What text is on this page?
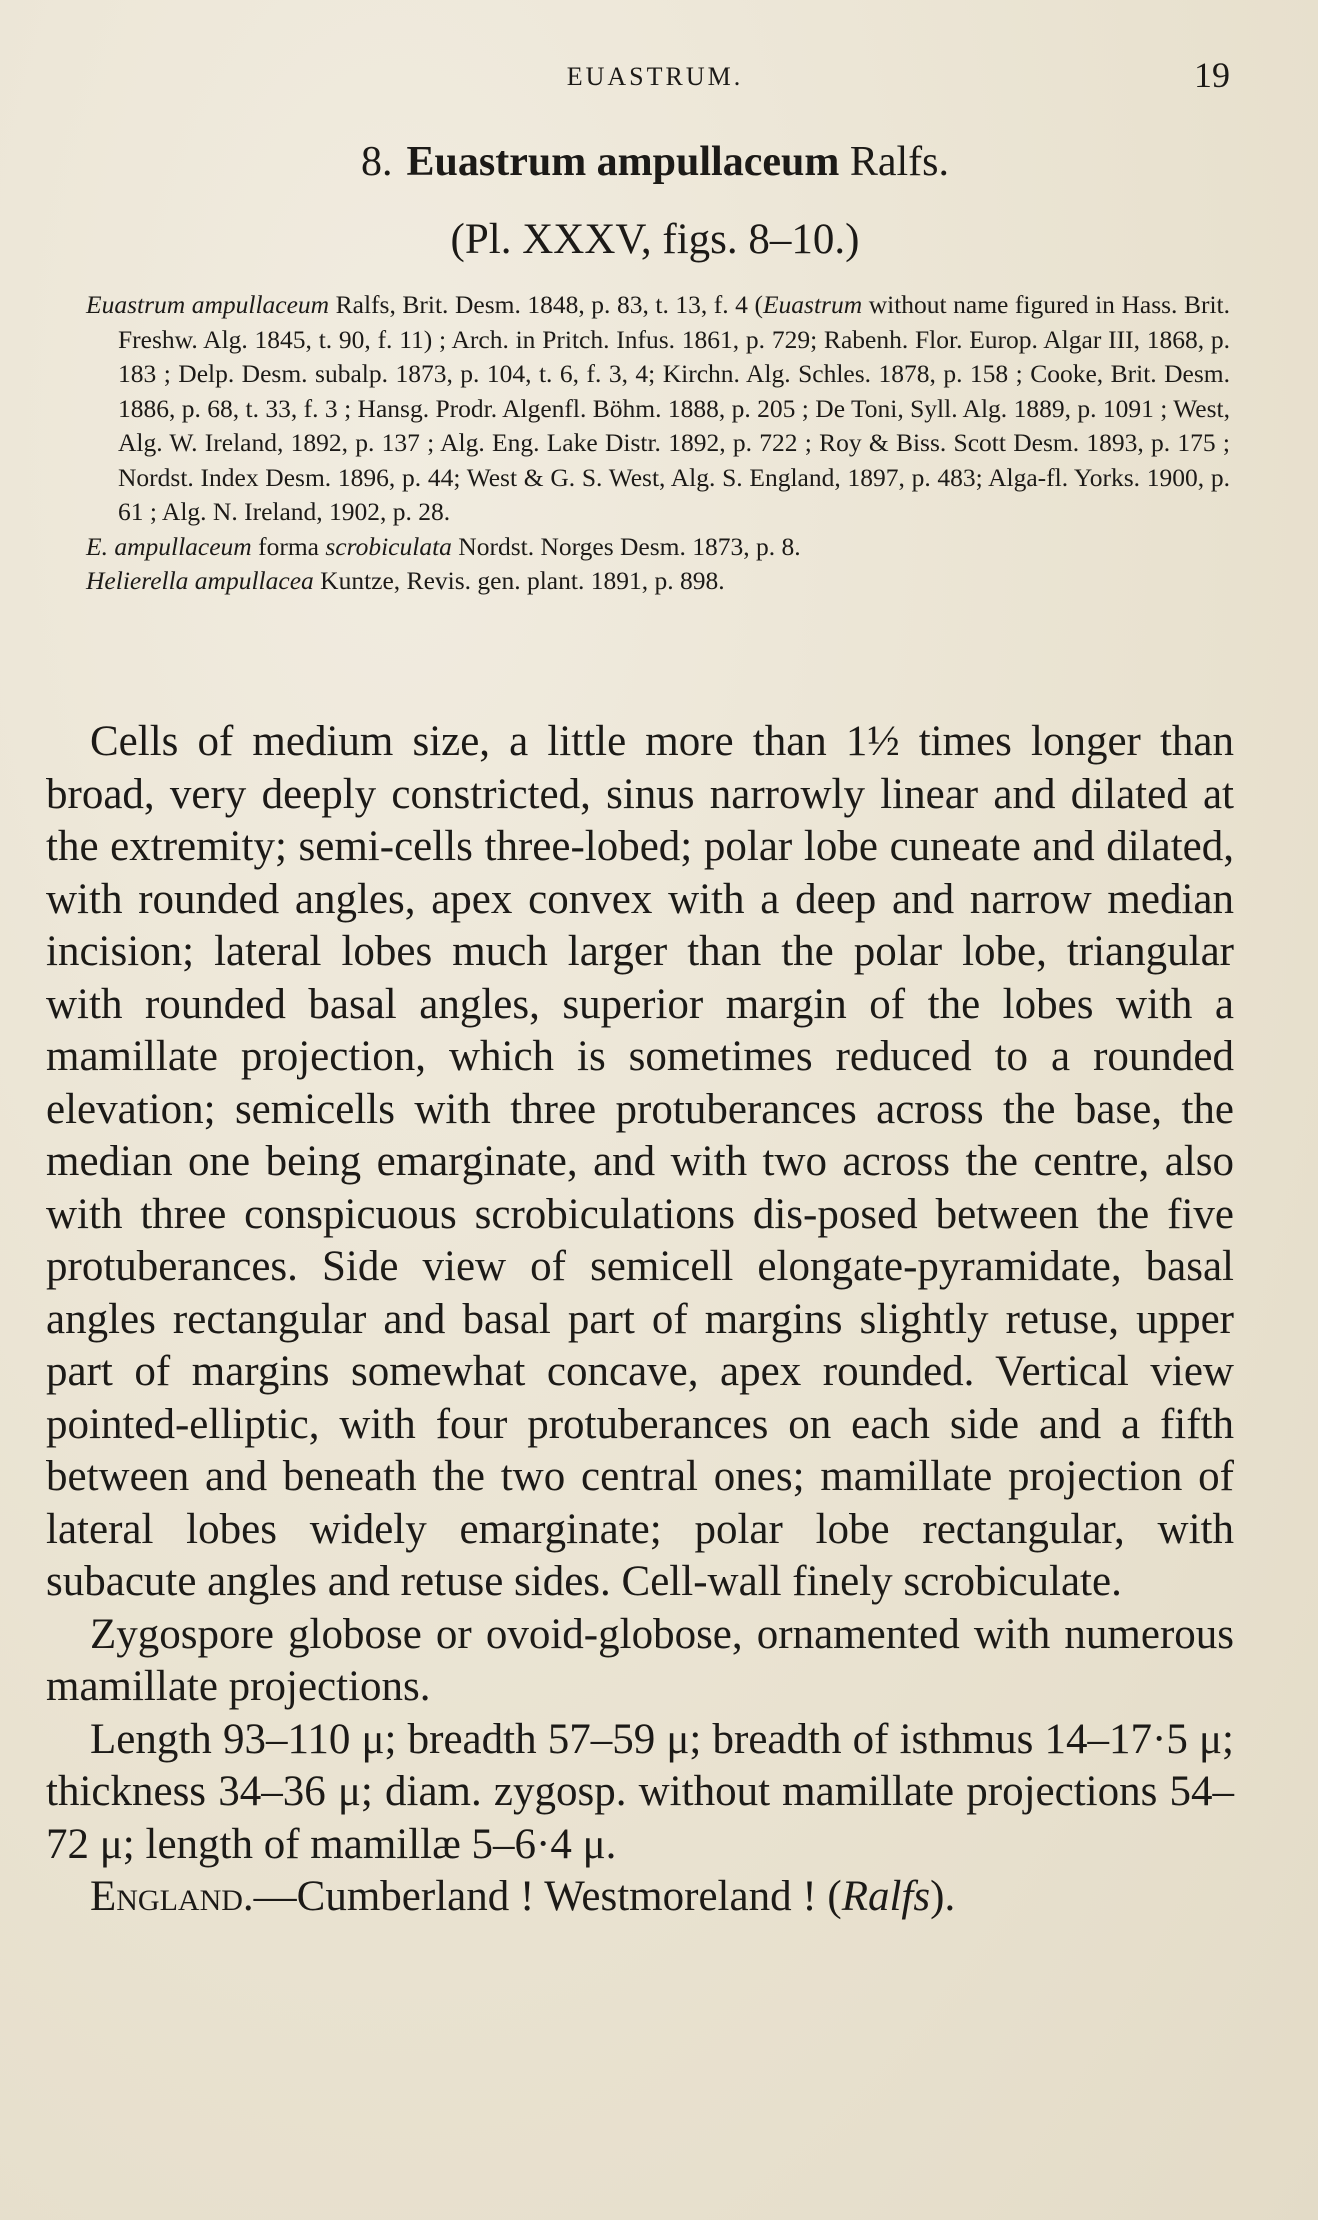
EUASTRUM.	19
8. Euastrum ampullaceum Ralfs.
(Pl. XXXV, figs. 8–10.)

Euastrum ampullaceum Ralfs, Brit. Desm. 1848, p. 83, t. 13, f. 4 (Euastrum without name figured in Hass. Brit. Freshw. Alg. 1845, t. 90, f. 11) ; Arch. in Pritch. Infus. 1861, p. 729; Rabenh. Flor. Europ. Algar III, 1868, p. 183 ; Delp. Desm. subalp. 1873, p. 104, t. 6, f. 3, 4; Kirchn. Alg. Schles. 1878, p. 158 ; Cooke, Brit. Desm. 1886, p. 68, t. 33, f. 3 ; Hansg. Prodr. Algenfl. Böhm. 1888, p. 205 ; De Toni, Syll. Alg. 1889, p. 1091 ; West, Alg. W. Ireland, 1892, p. 137 ; Alg. Eng. Lake Distr. 1892, p. 722 ; Roy & Biss. Scott Desm. 1893, p. 175 ; Nordst. Index Desm. 1896, p. 44; West & G. S. West, Alg. S. England, 1897, p. 483; Alga-fl. Yorks. 1900, p. 61 ; Alg. N. Ireland, 1902, p. 28.

E. ampullaceum forma scrobiculata Nordst. Norges Desm. 1873, p. 8.

Helierella ampullacea Kuntze, Revis. gen. plant. 1891, p. 898.

Cells of medium size, a little more than 1½ times longer than broad, very deeply constricted, sinus narrowly linear and dilated at the extremity; semi-cells three-lobed; polar lobe cuneate and dilated, with rounded angles, apex convex with a deep and narrow median incision; lateral lobes much larger than the polar lobe, triangular with rounded basal angles, superior margin of the lobes with a mamillate projection, which is sometimes reduced to a rounded elevation; semicells with three protuberances across the base, the median one being emarginate, and with two across the centre, also with three conspicuous scrobiculations dis-posed between the five protuberances. Side view of semicell elongate-pyramidate, basal angles rectangular and basal part of margins slightly retuse, upper part of margins somewhat concave, apex rounded. Vertical view pointed-elliptic, with four protuberances on each side and a fifth between and beneath the two central ones; mamillate projection of lateral lobes widely emarginate; polar lobe rectangular, with subacute angles and retuse sides. Cell-wall finely scrobiculate.

Zygospore globose or ovoid-globose, ornamented with numerous mamillate projections.

Length 93–110 μ; breadth 57–59 μ; breadth of isthmus 14–17·5 μ; thickness 34–36 μ; diam. zygosp. without mamillate projections 54–72 μ; length of mamillæ 5–6·4 μ.

England.—Cumberland ! Westmoreland ! (Ralfs).
